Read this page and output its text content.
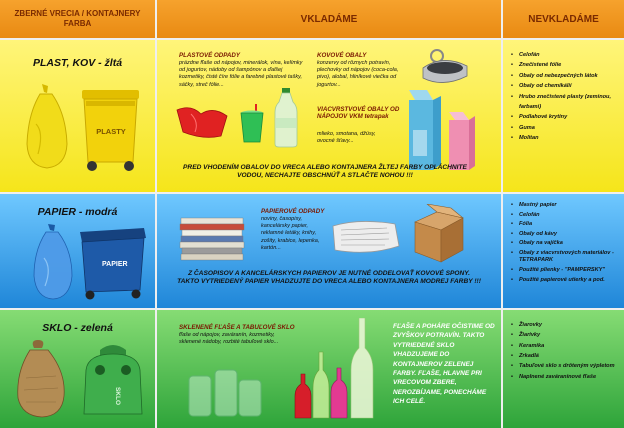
ZBERNÉ VRECIA / KONTAJNERY FARBA	VKLADÁME	NEVKLADÁME
PLAST, KOV - žltá
PLASTY
PLASTOVÉ ODPADY
prázdne fľaše od nápojov, minerálok, vína, kelímky od jogurtov, nádoby od šampónov a ďalšej kozmetiky, čisté číre fólie a farebné plastové tašky, sáčky, streč fólie...
KOVOVÉ OBALY
konzervy od rôznych potravín, plechovky od nápojov (coca-cola, pivo), alobal, hliníkové viečka od jogurtov...
VIACVRSTVOVÉ OBALY OD NÁPOJOV VKM tetrapak
mlieko, smotana, džúsy, ovocné šťavy...
PRED VHODENÍM OBALOV DO VRECA ALEBO KONTAJNERA ŽLTEJ FARBY OPLÁCHNITE VODOU, NECHAJTE OBSCHNÚŤ A STLAČTE NOHOU !!!
• Celofán
• Znečistené fólie
• Obaly od nebezpečných látok
• Obaly od chemikálií
• Hrubo znečistené plasty (zeminou, farbami)
• Podlahové krytiny
• Guma
• Molitan
PAPIER - modrá
PAPIER
PAPIEROVÉ ODPADY
noviny, časopisy, kancelársky papier, reklamné letáky, knihy, zošity, krabice, lepenka, kartón...
Z ČASOPISOV A KANCELÁRSKYCH PAPIEROV JE NUTNÉ ODDELOVAŤ KOVOVÉ SPONY. TAKTO VYTRIEDENÝ PAPIER VHADZUJTE DO VRECA ALEBO KONTAJNERA MODREJ FARBY !!!
• Mastný papier
• Celofán
• Fólia
• Obaly od kávy
• Obaly na vajíčka
• Obaly z viacvrstvových materiálov - TETRAPARK
• Použité plienky - "PAMPERSKY"
• Použité papierové utierky a pod.
SKLO - zelená
SKLO
SKLENENÉ FĽAŠE A TABUĽOVÉ SKLO
fľaše od nápojov, zaváranín, kozmetiky, sklenené nádoby, rozbité tabuľové sklo...
FĽAŠE A POHÁRE OČISTIME OD ZVYŠKOV POTRAVÍN. TAKTO VYTRIEDENÉ SKLO VHADZUJEME DO KONTAJNEROV ZELENEJ FARBY. FĽAŠE, HLAVNE PRI VRECOVOM ZBERE, NEROZBÍJAME, PONECHÁME ICH CELÉ.
• Žiarovky
• Žiarivky
• Keramika
• Zrkadlá
• Tabuľové sklo s drôteným výpletom
• Naplnené zaváraninové fľaše
